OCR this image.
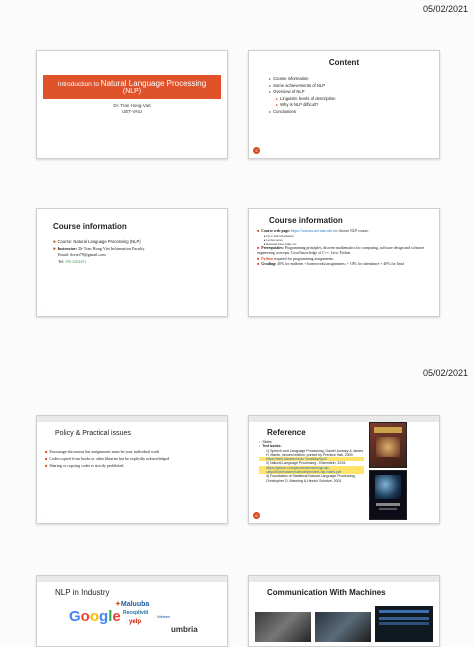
05/02/2021
05/02/2021
Introduction to Natural Language Processing
(NLP)
Dr. Tran Hong-Viet
UET-VNU
Content
▸ Course information
▸ Some achievements of NLP
▸ Overview of NLP
▸ Linguistic levels of description
▸ Why is NLP difficult?
▸ Conclusions
2
Course information
■ Course: Natural Language Processing (NLP)
■ Instructor: Dr Tran Hong Viet Information Faculty
Email: thviet79@gmail.com
Tel: 0913404491
·
Course information
■ Course web page: https://courses.uet.vnu.edu.vn/ choose NLP course.
▸ Up to date information
▸ Lecture notes
▸ Relevant dates, links, etc.
■ Prerequisites: Programming principles, discrete mathematics for computing, software design and software engineering concepts. Good knowledge of C++, Java, Python
■ Python required for programming assignments.
■ Grading: 40% for midterm + homeworks/assignments; + 10% for attendance + 40% for final
·
Policy & Practical issues
■ Encourage discussion but assignments must be your individual work
■ Codes copied from books or other libraries but be explicitly acknowledged
■ Sharing or copying codes is strictly prohibited.
·
Reference
• Slides
• Text books:
1) Speech and Language Processing, Daniel Jurasky & James H. Martin, second edition, printed by Prentice Hall, 2009.
https://web.stanford.edu/~jurafsky/slp3/
2) Natural Language Processing - Eisenstein, 2019.
https://github.com/jacobeisenstein/gt-nlp-class/blob/master/notes/eisenstein-nlp-notes.pdf
3) Foundation of Statistical Natural Language Processing, Christopher D. Manning & Hinrich Schutze, 2001
6
NLP in Industry
✦Maluuba
Google Receptiviti
yelp
Nielsen
umbria
Communication With Machines
